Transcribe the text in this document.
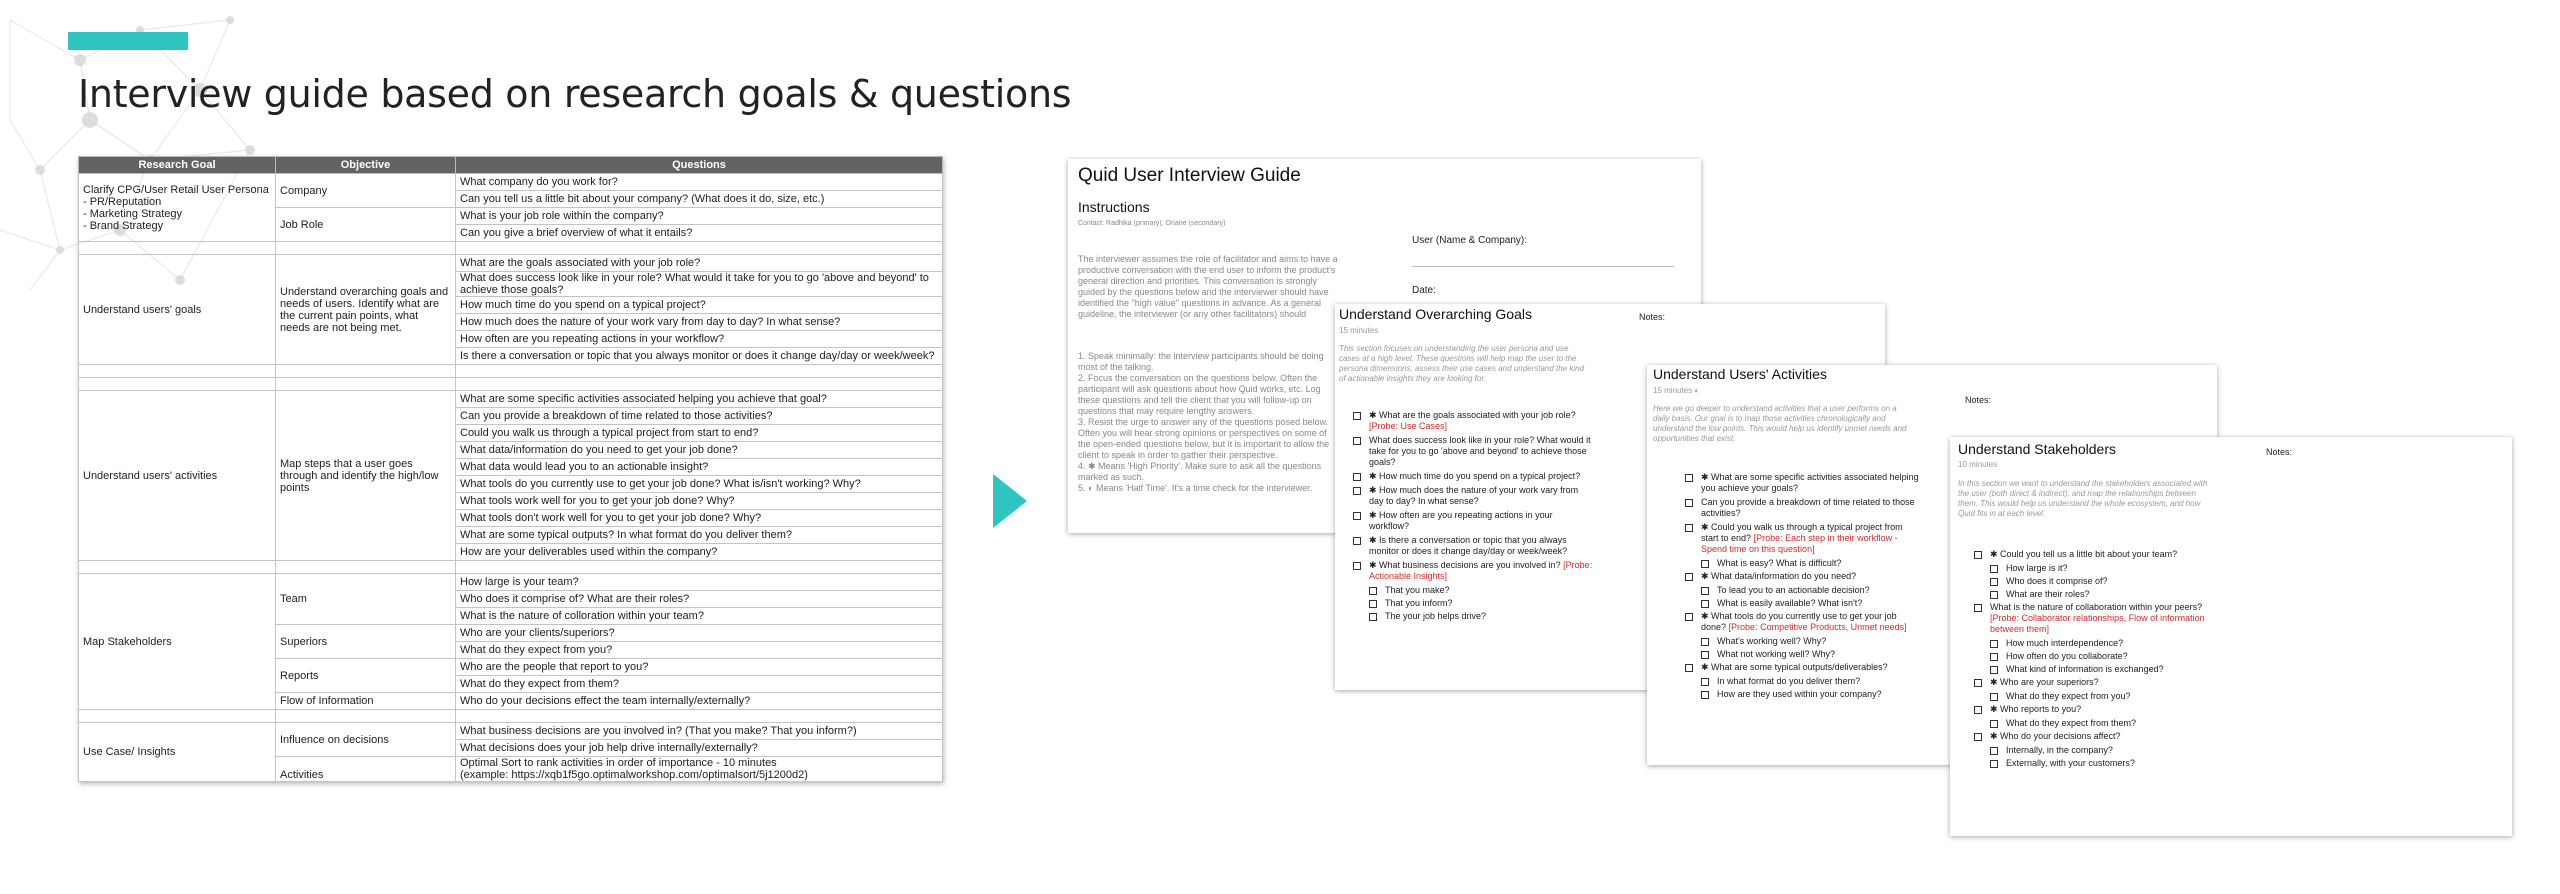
Interview guide based on research goals & questions
Research Goal	Objective	Questions

Clarify CPG/User Retail User Persona
- PR/Reputation
- Marketing Strategy
- Brand Strategy	Company	What company do you work for?
		Can you tell us a little bit about your company? (What does it do, size, etc.)
	Job Role	What is your job role within the company?
		Can you give a brief overview of what it entails?

Understand users' goals	Understand overarching goals and needs of users. Identify what are the current pain points, what needs are not being met.	What are the goals associated with your job role?
		What does success look like in your role? What would it take for you to go 'above and beyond' to achieve those goals?
		How much time do you spend on a typical project?
		How much does the nature of your work vary from day to day? In what sense?
		How often are you repeating actions in your workflow?
		Is there a conversation or topic that you always monitor or does it change day/day or week/week?

Understand users' activities	Map steps that a user goes through and identify the high/low points	What are some specific activities associated helping you achieve that goal?
		Can you provide a breakdown of time related to those activities?
		Could you walk us through a typical project from start to end?
		What data/information do you need to get your job done?
		What data would lead you to an actionable insight?
		What tools do you currently use to get your job done? What is/isn't working? Why?
		What tools work well for you to get your job done? Why?
		What tools don't work well for you to get your job done? Why?
		What are some typical outputs? In what format do you deliver them?
		How are your deliverables used within the company?

Map Stakeholders	Team	How large is your team?
		Who does it comprise of? What are their roles?
		What is the nature of colloration within your team?
	Superiors	Who are your clients/superiors?
		What do they expect from you?
	Reports	Who are the people that report to you?
		What do they expect from them?
	Flow of Information	Who do your decisions effect the team internally/externally?

Use Case/ Insights	Influence on decisions	What business decisions are you involved in? (That you make? That you inform?)
		What decisions does your job help drive internally/externally?
	Activities	Optimal Sort to rank activities in order of importance - 10 minutes
(example: https://xqb1f5go.optimalworkshop.com/optimalsort/5j1200d2)
Quid User Interview Guide
Instructions
Contact: Radhika (primary), Oriane (secondary)
User (Name & Company):
Date:
The interviewer assumes the role of facilitator and aims to have a productive conversation with the end user to inform the product's general direction and priorities. This conversation is strongly guided by the questions below and the interviewer should have identified the "high value" questions in advance. As a general guideline, the interviewer (or any other facilitators) should
1. Speak minimally: the interview participants should be doing most of the talking.
2. Focus the conversation on the questions below. Often the participant will ask questions about how Quid works, etc. Log these questions and tell the client that you will follow-up on questions that may require lengthy answers.
3. Resist the urge to answer any of the questions posed below. Often you will hear strong opinions or perspectives on some of the open-ended questions below, but it is important to allow the client to speak in order to gather their perspective.
4. ✱ Means 'High Priority'. Make sure to ask all the questions marked as such.
5. ◐ Means 'Half Time'. It's a time check for the interviewer.
Understand Overarching Goals	Notes:
15 minutes
This section focuses on understanding the user persona and use cases at a high level. These questions will help map the user to the persona dimensions, assess their use cases and understand the kind of actionable insights they are looking for.
✱ What are the goals associated with your job role? [Probe: Use Cases]
What does success look like in your role? What would it take for you to go 'above and beyond' to achieve those goals?
✱ How much time do you spend on a typical project?
✱ How much does the nature of your work vary from day to day? In what sense?
✱ How often are you repeating actions in your workflow?
✱ Is there a conversation or topic that you always monitor or does it change day/day or week/week?
✱ What business decisions are you involved in? [Probe: Actionable Insights]
That you make?
That you inform?
The your job helps drive?
Understand Users' Activities
Notes:
15 minutes ◐
Here we go deeper to understand activities that a user performs on a daily basis. Our goal is to map those activities chronologically and understand the low points. This would help us identify unmet needs and opportunities that exist.
✱ What are some specific activities associated helping you achieve your goals?
Can you provide a breakdown of time related to those activities?
✱ Could you walk us through a typical project from start to end? [Probe: Each step in their workflow - Spend time on this question]
What is easy? What is difficult?
✱ What data/information do you need?
To lead you to an actionable decision?
What is easily available? What isn't?
✱ What tools do you currently use to get your job done? [Probe: Competitive Products, Unmet needs]
What's working well? Why?
What not working well? Why?
✱ What are some typical outputs/deliverables?
In what format do you deliver them?
How are they used within your company?
Understand Stakeholders	Notes:
10 minutes
In this section we want to understand the stakeholders associated with the user (both direct & indirect), and map the relationships between them. This would help us understand the whole ecosystem, and how Quid fits in at each level.
✱ Could you tell us a little bit about your team?
How large is it?
Who does it comprise of?
What are their roles?
What is the nature of collaboration within your peers? [Probe: Collaborator relationships, Flow of information between them]
How much interdependence?
How often do you collaborate?
What kind of information is exchanged?
✱ Who are your superiors?
What do they expect from you?
✱ Who reports to you?
What do they expect from them?
✱ Who do your decisions affect?
Internally, in the company?
Externally, with your customers?
